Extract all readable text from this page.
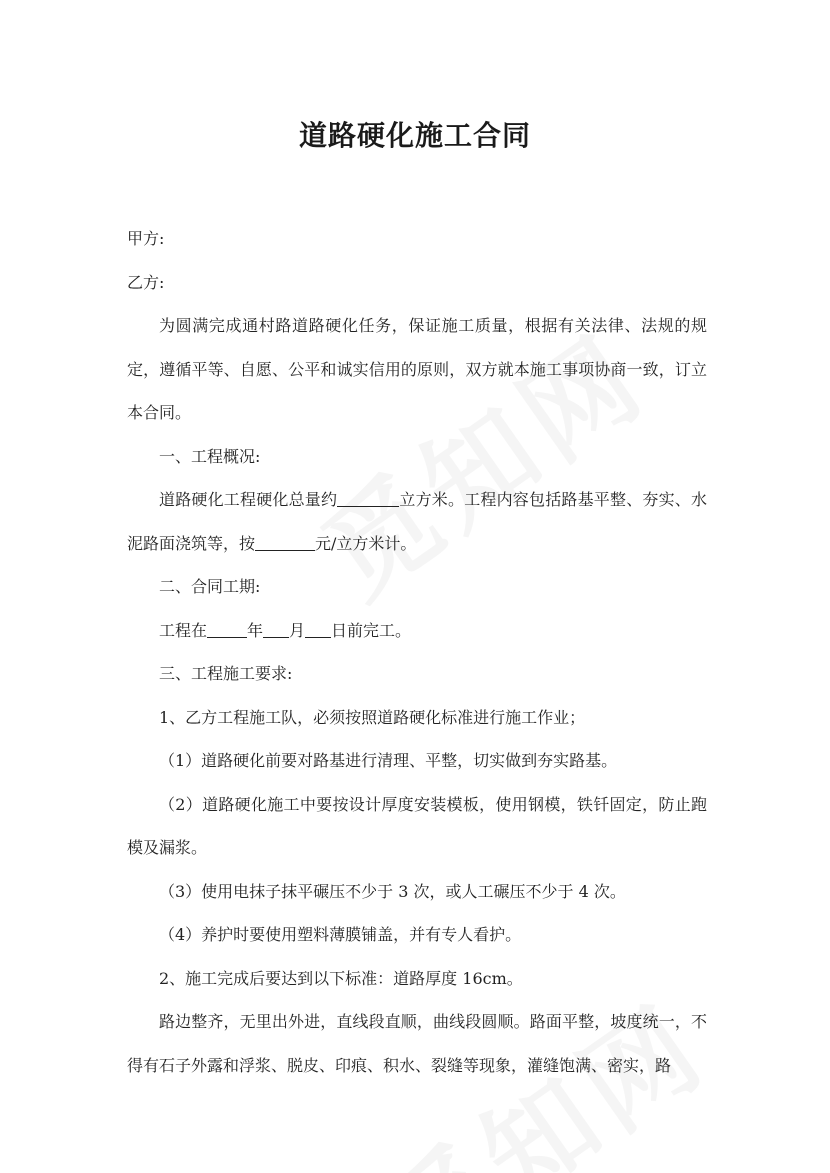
道路硬化施工合同

甲方:

乙方:

为圆满完成通村路道路硬化任务，保证施工质量，根据有关法律、法规的规定，遵循平等、自愿、公平和诚实信用的原则，双方就本施工事项协商一致，订立本合同。

一、工程概况:

道路硬化工程硬化总量约	立方米。工程内容包括路基平整、夯实、水泥路面浇筑等，按	元/立方米计。

二、合同工期:

工程在	年 月 日前完工。

三、工程施工要求:

1、乙方工程施工队，必须按照道路硬化标准进行施工作业；

（1）道路硬化前要对路基进行清理、平整，切实做到夯实路基。

（2）道路硬化施工中要按设计厚度安装模板，使用钢模，铁钎固定，防止跑模及漏浆。

（3）使用电抹子抹平碾压不少于 3 次，或人工碾压不少于 4 次。

（4）养护时要使用塑料薄膜铺盖，并有专人看护。

2、施工完成后要达到以下标准：道路厚度 16cm。

路边整齐，无里出外进，直线段直顺，曲线段圆顺。路面平整，坡度统一，不得有石子外露和浮浆、脱皮、印痕、积水、裂缝等现象，灌缝饱满、密实，路
